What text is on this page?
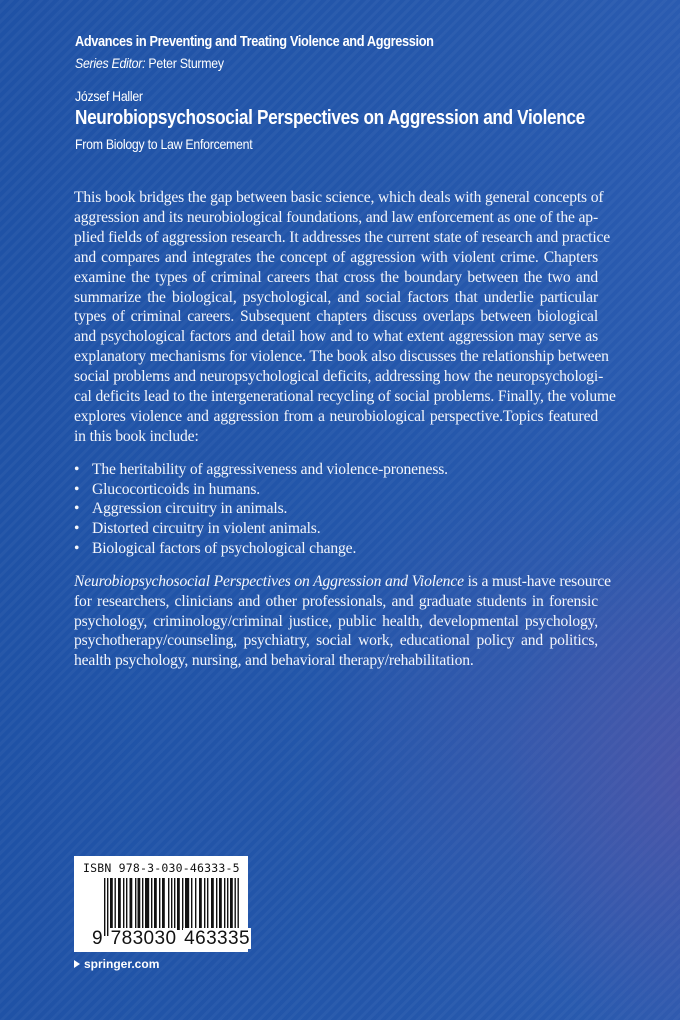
Advances in Preventing and Treating Violence and Aggression
Series Editor: Peter Sturmey
József Haller
Neurobiopsychosocial Perspectives on Aggression and Violence
From Biology to Law Enforcement

This book bridges the gap between basic science, which deals with general concepts of
aggression and its neurobiological foundations, and law enforcement as one of the ap-
plied fields of aggression research. It addresses the current state of research and practice
and compares and integrates the concept of aggression with violent crime. Chapters
examine the types of criminal careers that cross the boundary between the two and
summarize the biological, psychological, and social factors that underlie particular
types of criminal careers. Subsequent chapters discuss overlaps between biological
and psychological factors and detail how and to what extent aggression may serve as
explanatory mechanisms for violence. The book also discusses the relationship between
social problems and neuropsychological deficits, addressing how the neuropsychologi-
cal deficits lead to the intergenerational recycling of social problems. Finally, the volume
explores violence and aggression from a neurobiological perspective.Topics featured
in this book include:

• The heritability of aggressiveness and violence-proneness.
• Glucocorticoids in humans.
• Aggression circuitry in animals.
• Distorted circuitry in violent animals.
• Biological factors of psychological change.

Neurobiopsychosocial Perspectives on Aggression and Violence is a must-have resource
for researchers, clinicians and other professionals, and graduate students in forensic
psychology, criminology/criminal justice, public health, developmental psychology,
psychotherapy/counseling, psychiatry, social work, educational policy and politics,
health psychology, nursing, and behavioral therapy/rehabilitation.

ISBN 978-3-030-46333-5
9 783030 463335
springer.com
